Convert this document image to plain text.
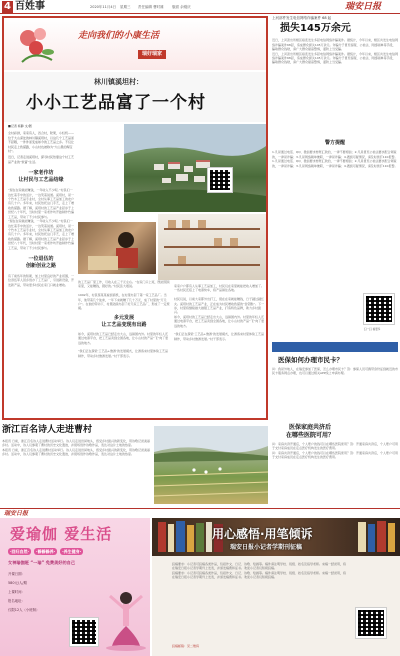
4 百姓事	2020年11月4日 星期三 责任编辑 曹时雄 版面 余刚庆	瑞安日报
走向我们的小康生活
瑞好瑞家
林川镇溪坦村：
小小工艺品富了一个村
■记者 杨静 文/图
全村彩排，家家有人，四合村，陀果，小轻机——位于大山深处的林川镇溪坦村，以这几个工艺品而不起眼，一件件而变成如今的工艺品之乡。不仅让村民走上致富路，小山村也被称为“大山里的淘宝村”。
近日，记者走进溪坦村，探寻村民依靠这个村工艺品产业的“致富”生活。
一家老作坊
让村民与工艺品结缘
“现在在家就能赚钱，一年收入不少呢。”村民们一边忙着手中的活计，一边笑着说道。溪坦村，是一个竹木工艺品专业村，全村从事工艺品加工的农户有几十户。多年来，村民依托这门手艺，走上了增收致富路。据了解，溪坦村的工艺品产业起步于上世纪八十年代，当时村里一家老作坊开始制作竹编工艺品，带动了不少村民参与。
“现在在家就能赚钱，一年收入不少呢。”村民们一边忙着手中的活计，一边笑着说道。溪坦村，是一个竹木工艺品专业村，全村从事工艺品加工的农户有几十户。多年来，村民依托这门手艺，走上了增收致富路。据了解，溪坦村的工艺品产业起步于上世纪八十年代，当时村里一家老作坊开始制作竹编工艺品，带动了不少村民参与。
一位退伍的
创新创业之路
有了前些年的积累，加上村里良好的产业氛围，一位退伍军人回乡创办了工艺品厂，引进新设备，开发新产品，带动更多村民在家门口就业增收。
的工艺品厂里工作，月收入在三千元左右。“在家门口上班，既能照顾家里，又能赚钱，挺好的。”村民张大姐说。

1992年，村民蔡某某看到商机，在村里办起了第一家工艺品厂。当年，他带着几个徒弟，一年下来就赚了几十万元，成了村里的“万元户”。在他的带动下，村里陆续办起了好几家工艺品厂，形成了一定规模。
多元发展
让工艺品变现有出路
如今，溪坦村的工艺品已经走出大山，远销国内外。村里的年轻人还通过电商平台，把工艺品卖到全国各地，让小山村的产品“飞”向了更远的地方。

“我们正在探索‘工艺品+旅游’的发展模式，让游客来村里体验工艺品制作，带动乡村旅游发展。”村干部表示。
家家户户都有人从事工艺品加工，村民们在家里就能把收入增加了。一些村民还搭上了电商快车，将产品销往各地。

村民们说，以前大家都外出打工，现在在家就能赚钱，日子越过越红火。溪坦村的工艺品产业，正在成为村民增收致富的“金钥匙”。下一步，村里将继续做大做强工艺品产业，打造特色品牌，助力乡村振兴。
如今，溪坦村的工艺品已经走出大山，远销国内外。村里的年轻人还通过电商平台，把工艺品卖到全国各地，让小山村的产品“飞”向了更远的地方。

“我们正在探索‘工艺品+旅游’的发展模式，让游客来村里体验工艺品制作，带动乡村旅游发展。”村干部表示。
上河部件发生电信网络诈骗案件 68 起
损失145万余元
近日，上河派出所辖区接连发生多起电信网络诈骗案件。据统计，今年以来，辖区共发生电信网络诈骗案件68起，造成群众损失145万余元。诈骗分子冒充客服、公检法、网络刷单等手段，骗取群众钱财，请广大群众提高警惕，谨防上当受骗。
近日，上河派出所辖区接连发生多起电信网络诈骗案件。据统计，今年以来，辖区共发生电信网络诈骗案件68起，造成群众损失145万余元。诈骗分子冒充客服、公检法、网络刷单等手段，骗取群众钱财，请广大群众提高警惕，谨防上当受骗。
警方提醒
1.凡是通过电话、QQ、微信要求转账汇款的，一律不要相信；2.凡是冒充公检法要求配合调查的，一律是诈骗；3.凡是网络刷单兼职，一律是诈骗；4.遇到可疑情况，请及时拨打110报警。
1.凡是通过电话、QQ、微信要求转账汇款的，一律不要相信；2.凡是冒充公检法要求配合调查的，一律是诈骗；3.凡是网络刷单兼职，一律是诈骗；4.遇到可疑情况，请及时拨打110报警。
扫一扫 看更多
医保如何办理市民卡？
问：我是外地人，在瑞安参加了医保，怎么办理市民卡？答：参保人员可携带身份证到就近的市民卡服务网点办理，也可以通过相关APP线上申请办理。
医保家庭共济后
在哪些医院可用？
问：家庭共济开通后，个人账户的钱可以在哪些医院使用？答：开通家庭共济后，个人账户可用于支付家庭成员在定点医疗机构发生的医疗费用。
问：家庭共济开通后，个人账户的钱可以在哪些医院使用？答：开通家庭共济后，个人账户可用于支付家庭成员在定点医疗机构发生的医疗费用。
浙江百名诗人走进曹村
本报讯 日前，浙江百名诗人走进曹村活动举行。诗人们走进田间地头，感受乡村振兴的新变化，用诗歌记录美丽乡村。活动中，诗人们参观了曹村的历史文化遗迹，并现场创作诗歌作品，表达对这片土地的热爱。
本报讯 日前，浙江百名诗人走进曹村活动举行。诗人们走进田间地头，感受乡村振兴的新变化，用诗歌记录美丽乡村。活动中，诗人们参观了曹村的历史文化遗迹，并现场创作诗歌作品，表达对这片土地的热爱。
瑞安日报
爱瑜伽 爱生活
·回归自然·	·静静静养·	·养生健身·
女神瑜伽班 “一瑜” 免费美好的自己
开课日期：
580元/人/期
上课时间：
报名地址：
仅限12人（小班制）
用心感悟·用笔倾诉
瑞安日报小记者学期刊征稿
投稿要求：小记者可投稿各类作品，包括作文、日记、诗歌、绘画等。稿件请注明学校、班级、姓名及指导老师。来稿一经录用，将在瑞安日报小记者学期刊上发表，并颁发稿费和证书。欢迎小记者们积极投稿。
投稿要求：小记者可投稿各类作品，包括作文、日记、诗歌、绘画等。稿件请注明学校、班级、姓名及指导老师。来稿一经录用，将在瑞安日报小记者学期刊上发表，并颁发稿费和证书。欢迎小记者们积极投稿。
投稿邮箱：见二维码
